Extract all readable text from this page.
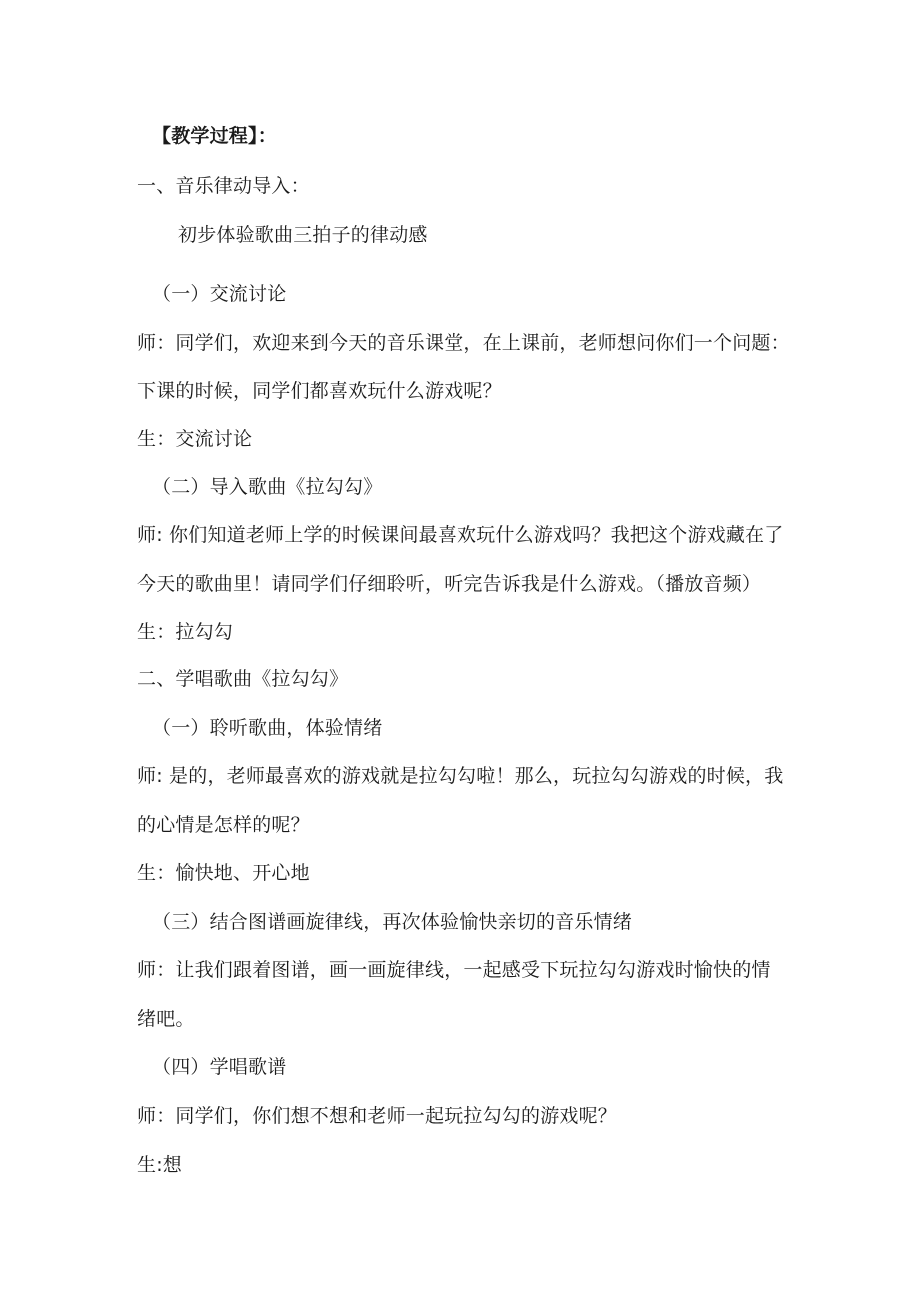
【教学过程】：
一、音乐律动导入：
初步体验歌曲三拍子的律动感
（一）交流讨论
师：同学们，欢迎来到今天的音乐课堂，在上课前，老师想问你们一个问题：
下课的时候，同学们都喜欢玩什么游戏呢？
生：交流讨论
（二）导入歌曲《拉勾勾》
师: 你们知道老师上学的时候课间最喜欢玩什么游戏吗？我把这个游戏藏在了
今天的歌曲里！请同学们仔细聆听，听完告诉我是什么游戏。（播放音频）
生：拉勾勾
二、学唱歌曲《拉勾勾》
（一）聆听歌曲，体验情绪
师: 是的，老师最喜欢的游戏就是拉勾勾啦！那么，玩拉勾勾游戏的时候，我
的心情是怎样的呢？
生：愉快地、开心地
（三）结合图谱画旋律线，再次体验愉快亲切的音乐情绪
师：让我们跟着图谱，画一画旋律线，一起感受下玩拉勾勾游戏时愉快的情
绪吧。
（四）学唱歌谱
师：同学们，你们想不想和老师一起玩拉勾勾的游戏呢？
生:想
